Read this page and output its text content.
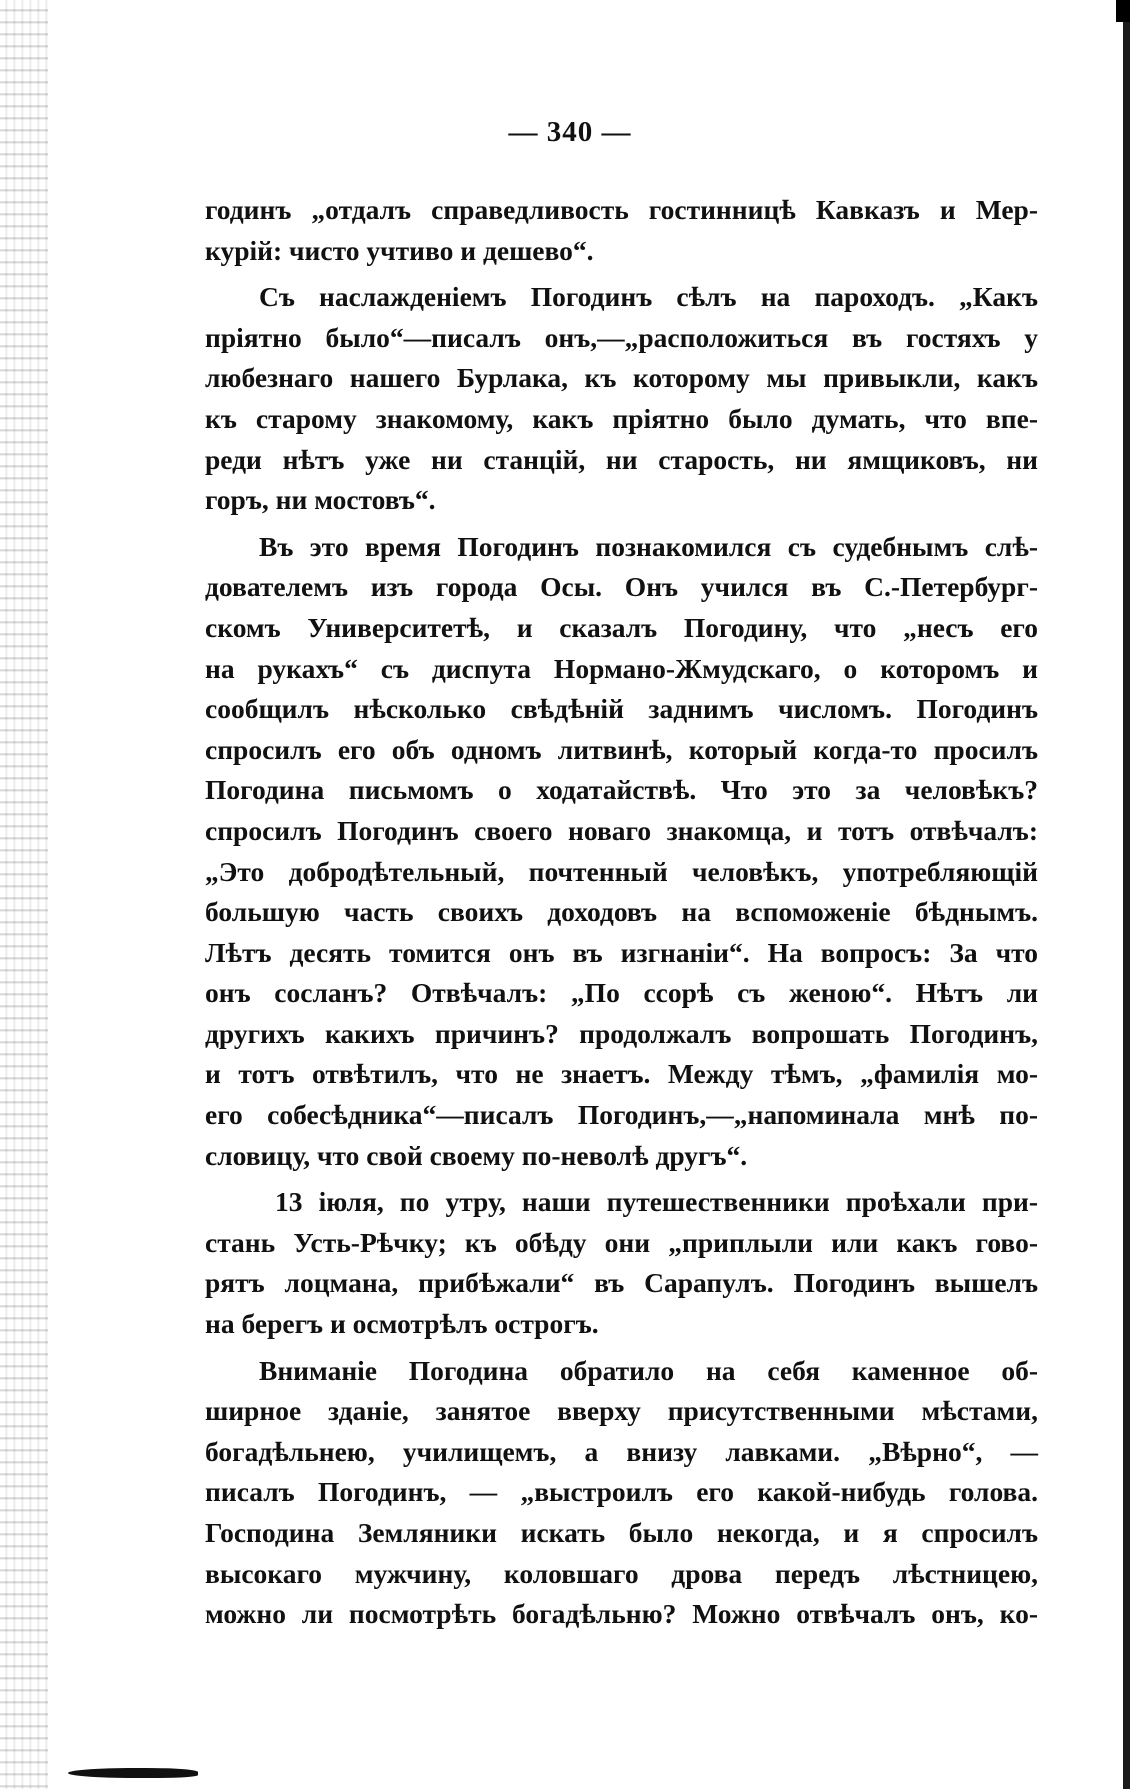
— 340 —

годинъ „отдалъ справедливость гостинницѣ Кавказъ и Мер-

курій: чисто учтиво и дешево“.

Съ наслажденіемъ Погодинъ сѣлъ на пароходъ. „Какъ

пріятно было“—писалъ онъ,—„расположиться въ гостяхъ у

любезнаго нашего Бурлака, къ которому мы привыкли, какъ

къ старому знакомому, какъ пріятно было думать, что впе-

реди нѣтъ уже ни станцій, ни старость, ни ямщиковъ, ни

горъ, ни мостовъ“.

Въ это время Погодинъ познакомился съ судебнымъ слѣ-

дователемъ изъ города Осы. Онъ учился въ С.-Петербург-

скомъ Университетѣ, и сказалъ Погодину, что „несъ его

на рукахъ“ съ диспута Нормано-Жмудскаго, о которомъ и

сообщилъ нѣсколько свѣдѣній заднимъ числомъ. Погодинъ

спросилъ его объ одномъ литвинѣ, который когда-то просилъ

Погодина письмомъ о ходатайствѣ. Что это за человѣкъ?

спросилъ Погодинъ своего новаго знакомца, и тотъ отвѣчалъ:

„Это добродѣтельный, почтенный человѣкъ, употребляющій

большую часть своихъ доходовъ на вспоможеніе бѣднымъ.

Лѣтъ десять томится онъ въ изгнаніи“. На вопросъ: За что

онъ сосланъ? Отвѣчалъ: „По ссорѣ съ женою“. Нѣтъ ли

другихъ какихъ причинъ? продолжалъ вопрошать Погодинъ,

и тотъ отвѣтилъ, что не знаетъ. Между тѣмъ, „фамилія мо-

его собесѣдника“—писалъ Погодинъ,—„напоминала мнѣ по-

словицу, что свой своему по-неволѣ другъ“.

13 іюля, по утру, наши путешественники проѣхали при-

стань Усть-Рѣчку; къ обѣду они „приплыли или какъ гово-

рятъ лоцмана, прибѣжали“ въ Сарапулъ. Погодинъ вышелъ

на берегъ и осмотрѣлъ острогъ.

Вниманіе Погодина обратило на себя каменное об-

ширное зданіе, занятое вверху присутственными мѣстами,

богадѣльнею, училищемъ, а внизу лавками. „Вѣрно“, —

писалъ Погодинъ, — „выстроилъ его какой-нибудь голова.

Господина Земляники искать было некогда, и я спросилъ

высокаго мужчину, коловшаго дрова передъ лѣстницею,

можно ли посмотрѣть богадѣльню? Можно отвѣчалъ онъ, ко-
